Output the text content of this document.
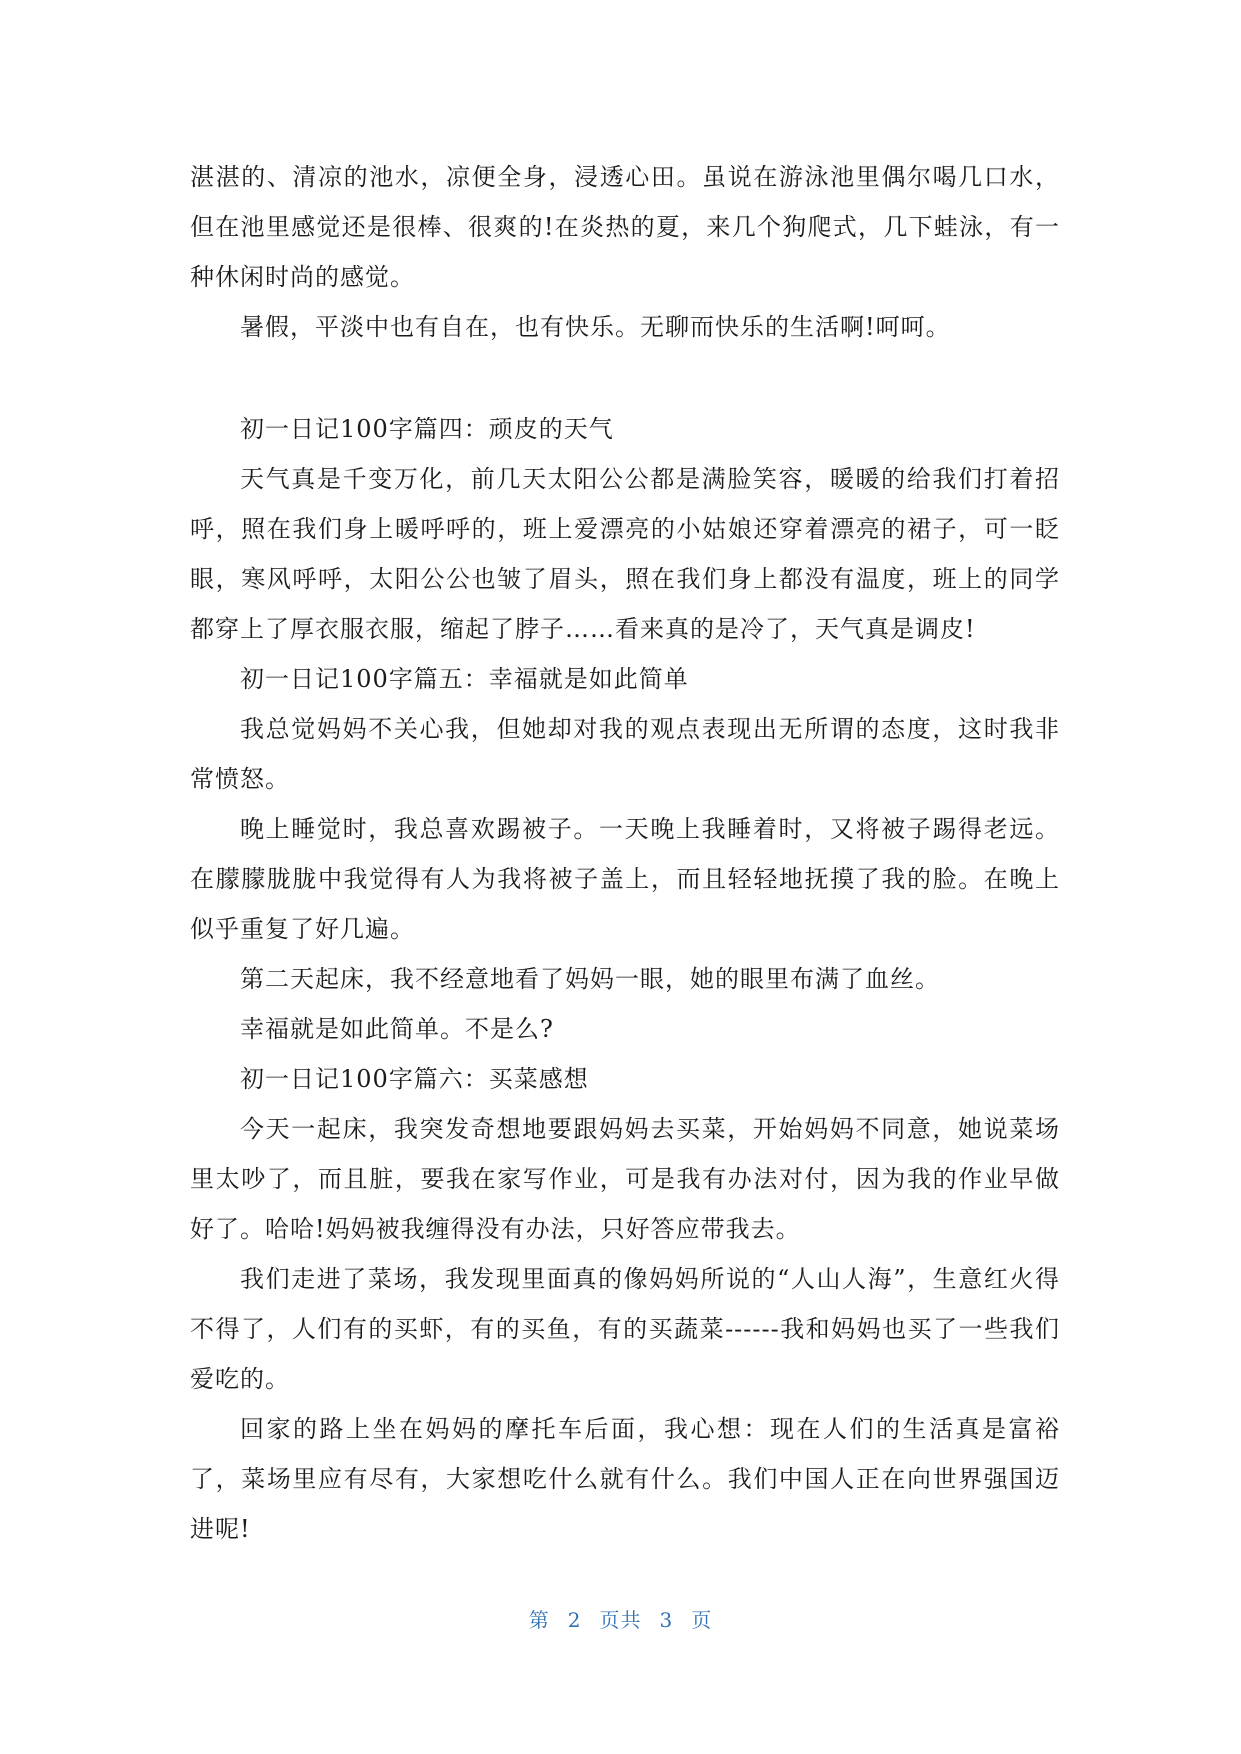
湛湛的、清凉的池水，凉便全身，浸透心田。虽说在游泳池里偶尔喝几口水，但在池里感觉还是很棒、很爽的!在炎热的夏，来几个狗爬式，几下蛙泳，有一种休闲时尚的感觉。

暑假，平淡中也有自在，也有快乐。无聊而快乐的生活啊!呵呵。

初一日记100字篇四：顽皮的天气

天气真是千变万化，前几天太阳公公都是满脸笑容，暖暖的给我们打着招呼，照在我们身上暖呼呼的，班上爱漂亮的小姑娘还穿着漂亮的裙子，可一眨眼，寒风呼呼，太阳公公也皱了眉头，照在我们身上都没有温度，班上的同学都穿上了厚衣服衣服，缩起了脖子……看来真的是冷了，天气真是调皮!

初一日记100字篇五：幸福就是如此简单

我总觉妈妈不关心我，但她却对我的观点表现出无所谓的态度，这时我非常愤怒。

晚上睡觉时，我总喜欢踢被子。一天晚上我睡着时，又将被子踢得老远。在朦朦胧胧中我觉得有人为我将被子盖上，而且轻轻地抚摸了我的脸。在晚上似乎重复了好几遍。

第二天起床，我不经意地看了妈妈一眼，她的眼里布满了血丝。

幸福就是如此简单。不是么?

初一日记100字篇六：买菜感想

今天一起床，我突发奇想地要跟妈妈去买菜，开始妈妈不同意，她说菜场里太吵了，而且脏，要我在家写作业，可是我有办法对付，因为我的作业早做好了。哈哈!妈妈被我缠得没有办法，只好答应带我去。

我们走进了菜场，我发现里面真的像妈妈所说的“人山人海”，生意红火得不得了，人们有的买虾，有的买鱼，有的买蔬菜------我和妈妈也买了一些我们爱吃的。

回家的路上坐在妈妈的摩托车后面，我心想：现在人们的生活真是富裕了，菜场里应有尽有，大家想吃什么就有什么。我们中国人正在向世界强国迈进呢!

第 2 页共 3 页
